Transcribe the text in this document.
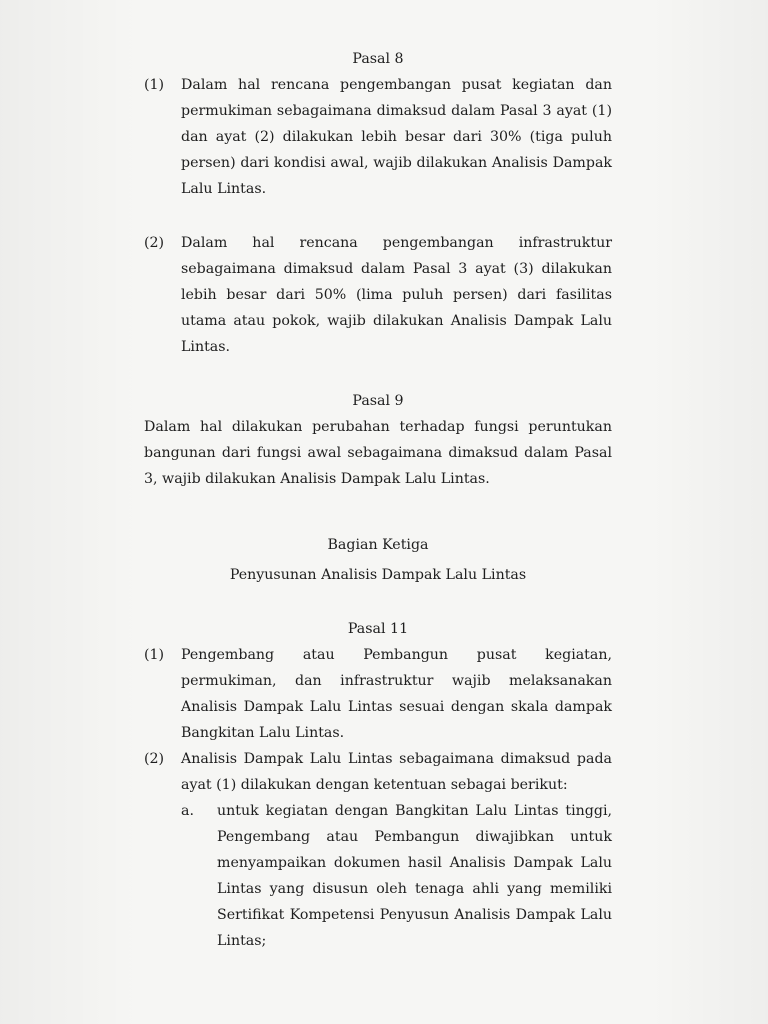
Pasal 8

(1)	Dalam hal rencana pengembangan pusat kegiatan dan permukiman sebagaimana dimaksud dalam Pasal 3 ayat (1) dan ayat (2) dilakukan lebih besar dari 30% (tiga puluh persen) dari kondisi awal, wajib dilakukan Analisis Dampak Lalu Lintas.
(2)	Dalam hal rencana pengembangan infrastruktur sebagaimana dimaksud dalam Pasal 3 ayat (3) dilakukan lebih besar dari 50% (lima puluh persen) dari fasilitas utama atau pokok, wajib dilakukan Analisis Dampak Lalu Lintas.

Pasal 9

Dalam hal dilakukan perubahan terhadap fungsi peruntukan bangunan dari fungsi awal sebagaimana dimaksud dalam Pasal 3, wajib dilakukan Analisis Dampak Lalu Lintas.

Bagian Ketiga

Penyusunan Analisis Dampak Lalu Lintas

Pasal 11

(1)	Pengembang atau Pembangun pusat kegiatan, permukiman, dan infrastruktur wajib melaksanakan Analisis Dampak Lalu Lintas sesuai dengan skala dampak Bangkitan Lalu Lintas.
(2)	Analisis Dampak Lalu Lintas sebagaimana dimaksud pada ayat (1) dilakukan dengan ketentuan sebagai berikut:
a.	untuk kegiatan dengan Bangkitan Lalu Lintas tinggi, Pengembang atau Pembangun diwajibkan untuk menyampaikan dokumen hasil Analisis Dampak Lalu Lintas yang disusun oleh tenaga ahli yang memiliki Sertifikat Kompetensi Penyusun Analisis Dampak Lalu Lintas;
